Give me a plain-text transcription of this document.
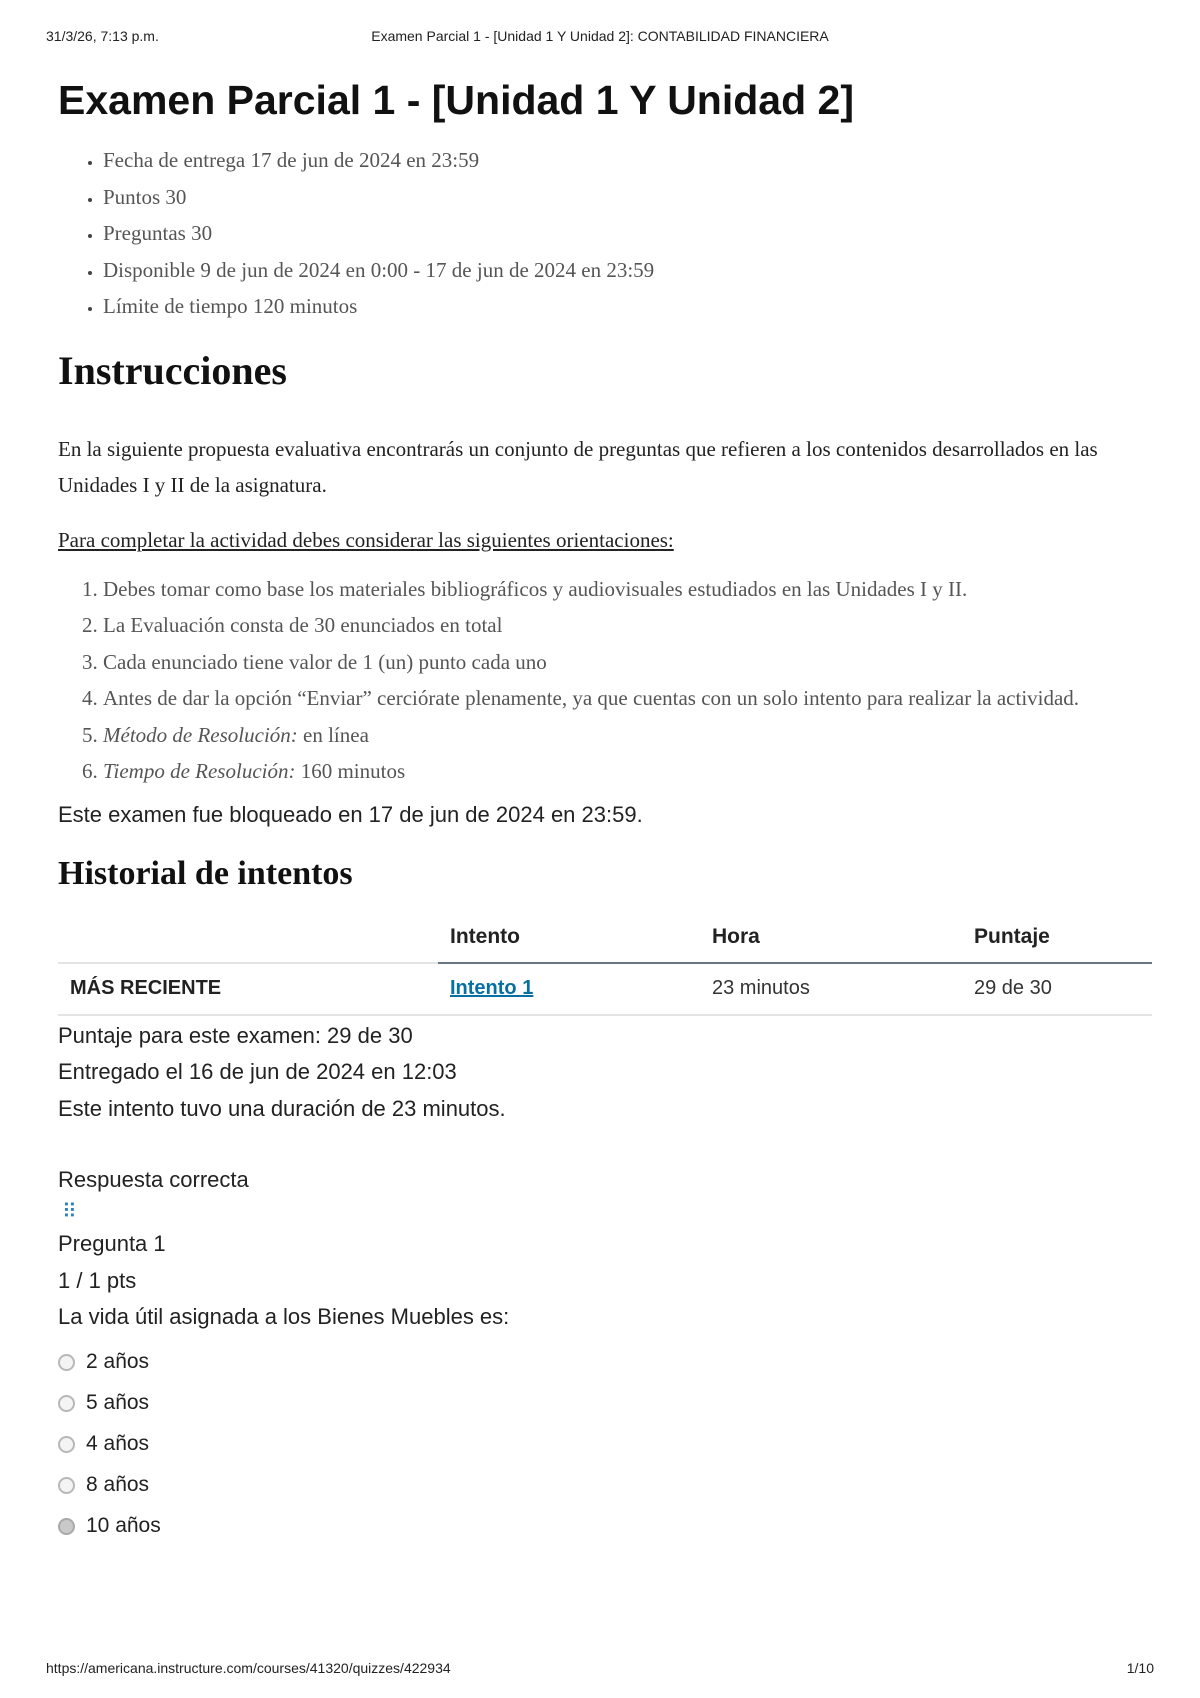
31/3/26, 7:13 p.m.	Examen Parcial 1 - [Unidad 1 Y Unidad 2]: CONTABILIDAD FINANCIERA
Examen Parcial 1 - [Unidad 1 Y Unidad 2]
• Fecha de entrega 17 de jun de 2024 en 23:59
• Puntos 30
• Preguntas 30
• Disponible 9 de jun de 2024 en 0:00 - 17 de jun de 2024 en 23:59
• Límite de tiempo 120 minutos
Instrucciones

En la siguiente propuesta evaluativa encontrarás un conjunto de preguntas que refieren a los contenidos desarrollados en las Unidades I y II de la asignatura.

Para completar la actividad debes considerar las siguientes orientaciones:

1. Debes tomar como base los materiales bibliográficos y audiovisuales estudiados en las Unidades I y II.
2. La Evaluación consta de 30 enunciados en total
3. Cada enunciado tiene valor de 1 (un) punto cada uno
4. Antes de dar la opción “Enviar” cerciórate plenamente, ya que cuentas con un solo intento para realizar la actividad.
5. Método de Resolución: en línea
6. Tiempo de Resolución: 160 minutos
Este examen fue bloqueado en 17 de jun de 2024 en 23:59.
Historial de intentos
	Intento	Hora	Puntaje
MÁS RECIENTE	Intento 1	23 minutos	29 de 30
Puntaje para este examen: 29 de 30
Entregado el 16 de jun de 2024 en 12:03
Este intento tuvo una duración de 23 minutos.
Respuesta correcta
⠿
Pregunta 1
1 / 1 pts
La vida útil asignada a los Bienes Muebles es:
2 años
5 años
4 años
8 años
10 años
https://americana.instructure.com/courses/41320/quizzes/422934	1/10
